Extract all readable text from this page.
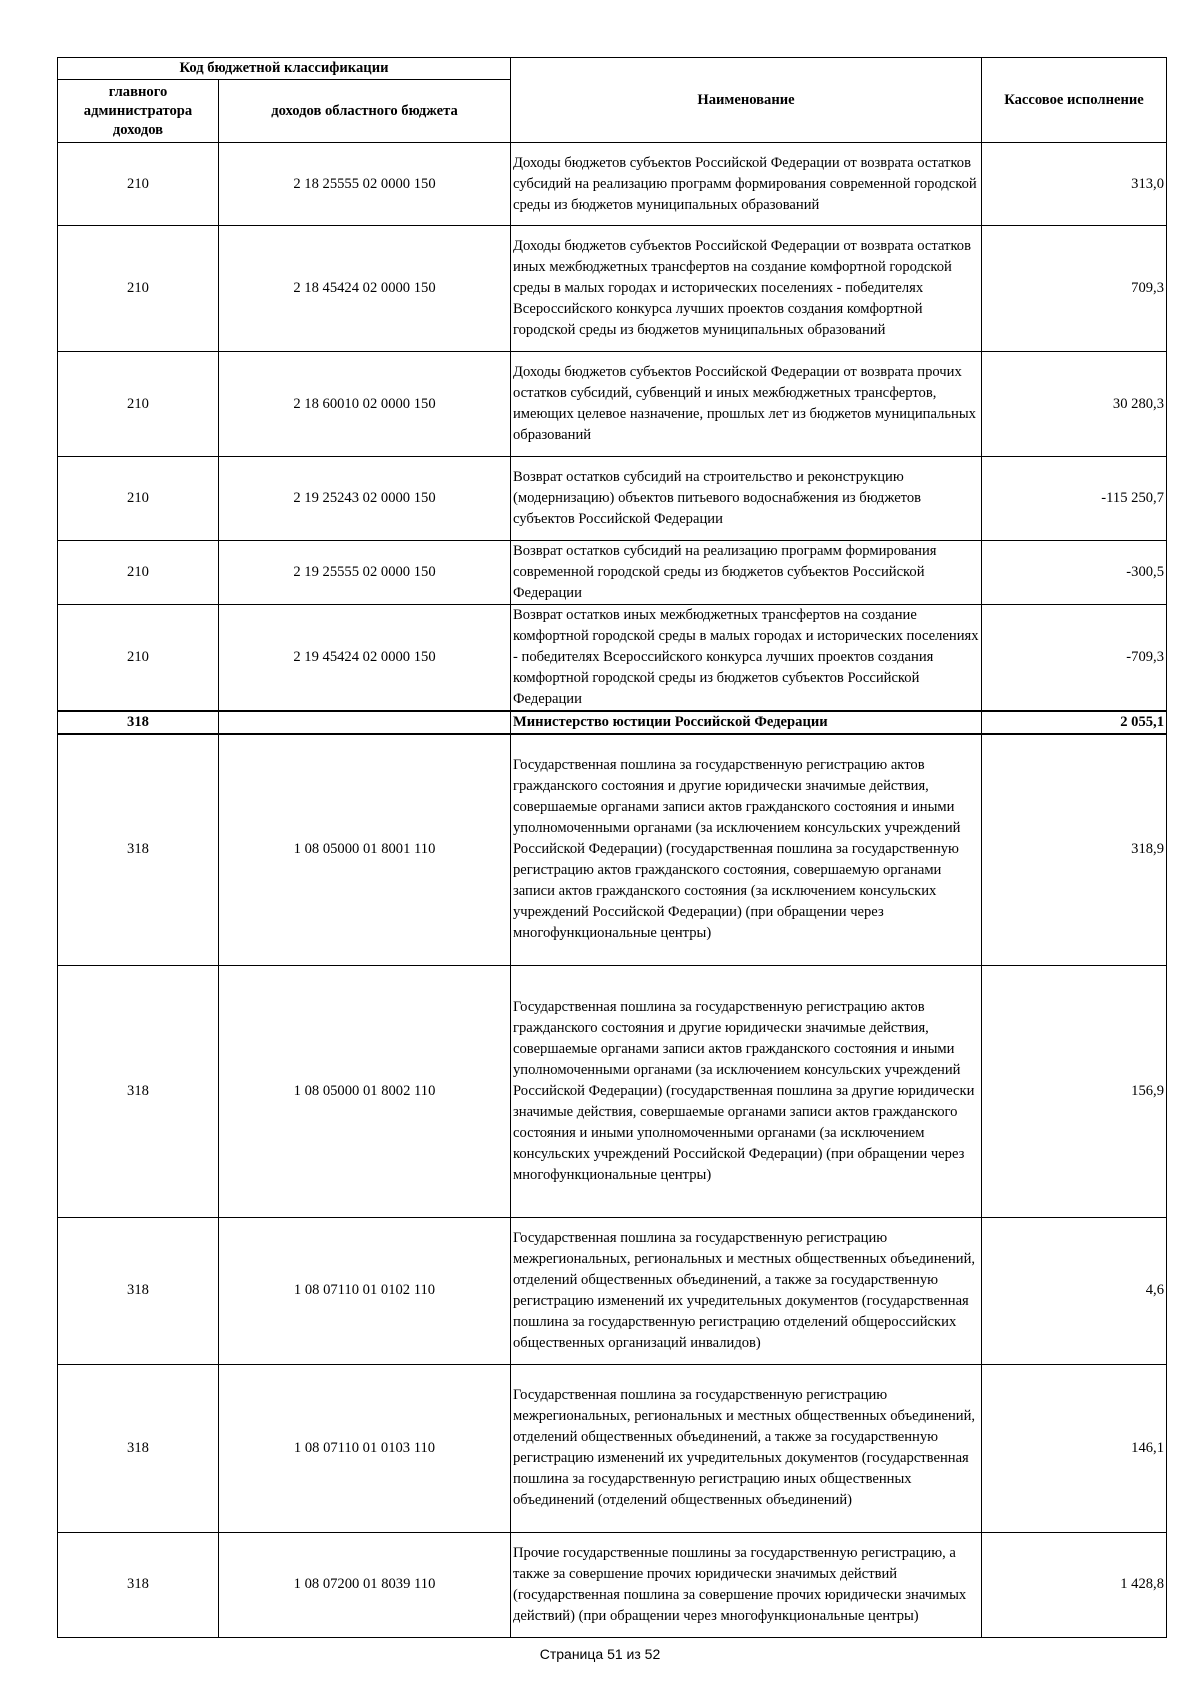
Код бюджетной классификации		Наименование	Кассовое исполнение
главного администратора доходов	доходов областного бюджета		
210	2 18 25555 02 0000 150	Доходы бюджетов субъектов Российской Федерации от возврата остатков субсидий на реализацию программ формирования современной городской среды из бюджетов муниципальных образований	313,0
210	2 18 45424 02 0000 150	Доходы бюджетов субъектов Российской Федерации от возврата остатков иных межбюджетных трансфертов на создание комфортной городской среды в малых городах и исторических поселениях - победителях Всероссийского конкурса лучших проектов создания комфортной городской среды из бюджетов муниципальных образований	709,3
210	2 18 60010 02 0000 150	Доходы бюджетов субъектов Российской Федерации от возврата прочих остатков субсидий, субвенций и иных межбюджетных трансфертов, имеющих целевое назначение, прошлых лет из бюджетов муниципальных образований	30 280,3
210	2 19 25243 02 0000 150	Возврат остатков субсидий на строительство и реконструкцию (модернизацию) объектов питьевого водоснабжения из бюджетов субъектов Российской Федерации	-115 250,7
210	2 19 25555 02 0000 150	Возврат остатков субсидий на реализацию программ формирования современной городской среды из бюджетов субъектов Российской Федерации	-300,5
210	2 19 45424 02 0000 150	Возврат остатков иных межбюджетных трансфертов на создание комфортной городской среды в малых городах и исторических поселениях - победителях Всероссийского конкурса лучших проектов создания комфортной городской среды из бюджетов субъектов Российской Федерации	-709,3
318		Министерство юстиции Российской Федерации	2 055,1
318	1 08 05000 01 8001 110	Государственная пошлина за государственную регистрацию актов гражданского состояния и другие юридически значимые действия, совершаемые органами записи актов гражданского состояния и иными уполномоченными органами (за исключением консульских учреждений Российской Федерации) (государственная пошлина за государственную регистрацию актов гражданского состояния, совершаемую органами записи актов гражданского состояния (за исключением консульских учреждений Российской Федерации) (при обращении через многофункциональные центры)	318,9
318	1 08 05000 01 8002 110	Государственная пошлина за государственную регистрацию актов гражданского состояния и другие юридически значимые действия, совершаемые органами записи актов гражданского состояния и иными уполномоченными органами (за исключением консульских учреждений Российской Федерации) (государственная пошлина за другие юридически значимые действия, совершаемые органами записи актов гражданского состояния и иными уполномоченными органами (за исключением консульских учреждений Российской Федерации) (при обращении через многофункциональные центры)	156,9
318	1 08 07110 01 0102 110	Государственная пошлина за государственную регистрацию межрегиональных, региональных и местных общественных объединений, отделений общественных объединений, а также за государственную регистрацию изменений их учредительных документов (государственная пошлина за государственную регистрацию отделений общероссийских общественных организаций инвалидов)	4,6
318	1 08 07110 01 0103 110	Государственная пошлина за государственную регистрацию межрегиональных, региональных и местных общественных объединений, отделений общественных объединений, а также за государственную регистрацию изменений их учредительных документов (государственная пошлина за государственную регистрацию иных общественных объединений (отделений общественных объединений)	146,1
318	1 08 07200 01 8039 110	Прочие государственные пошлины за государственную регистрацию, а также за совершение прочих юридически значимых действий (государственная пошлина за совершение прочих юридически значимых действий) (при обращении через многофункциональные центры)	1 428,8
Страница 51 из 52
